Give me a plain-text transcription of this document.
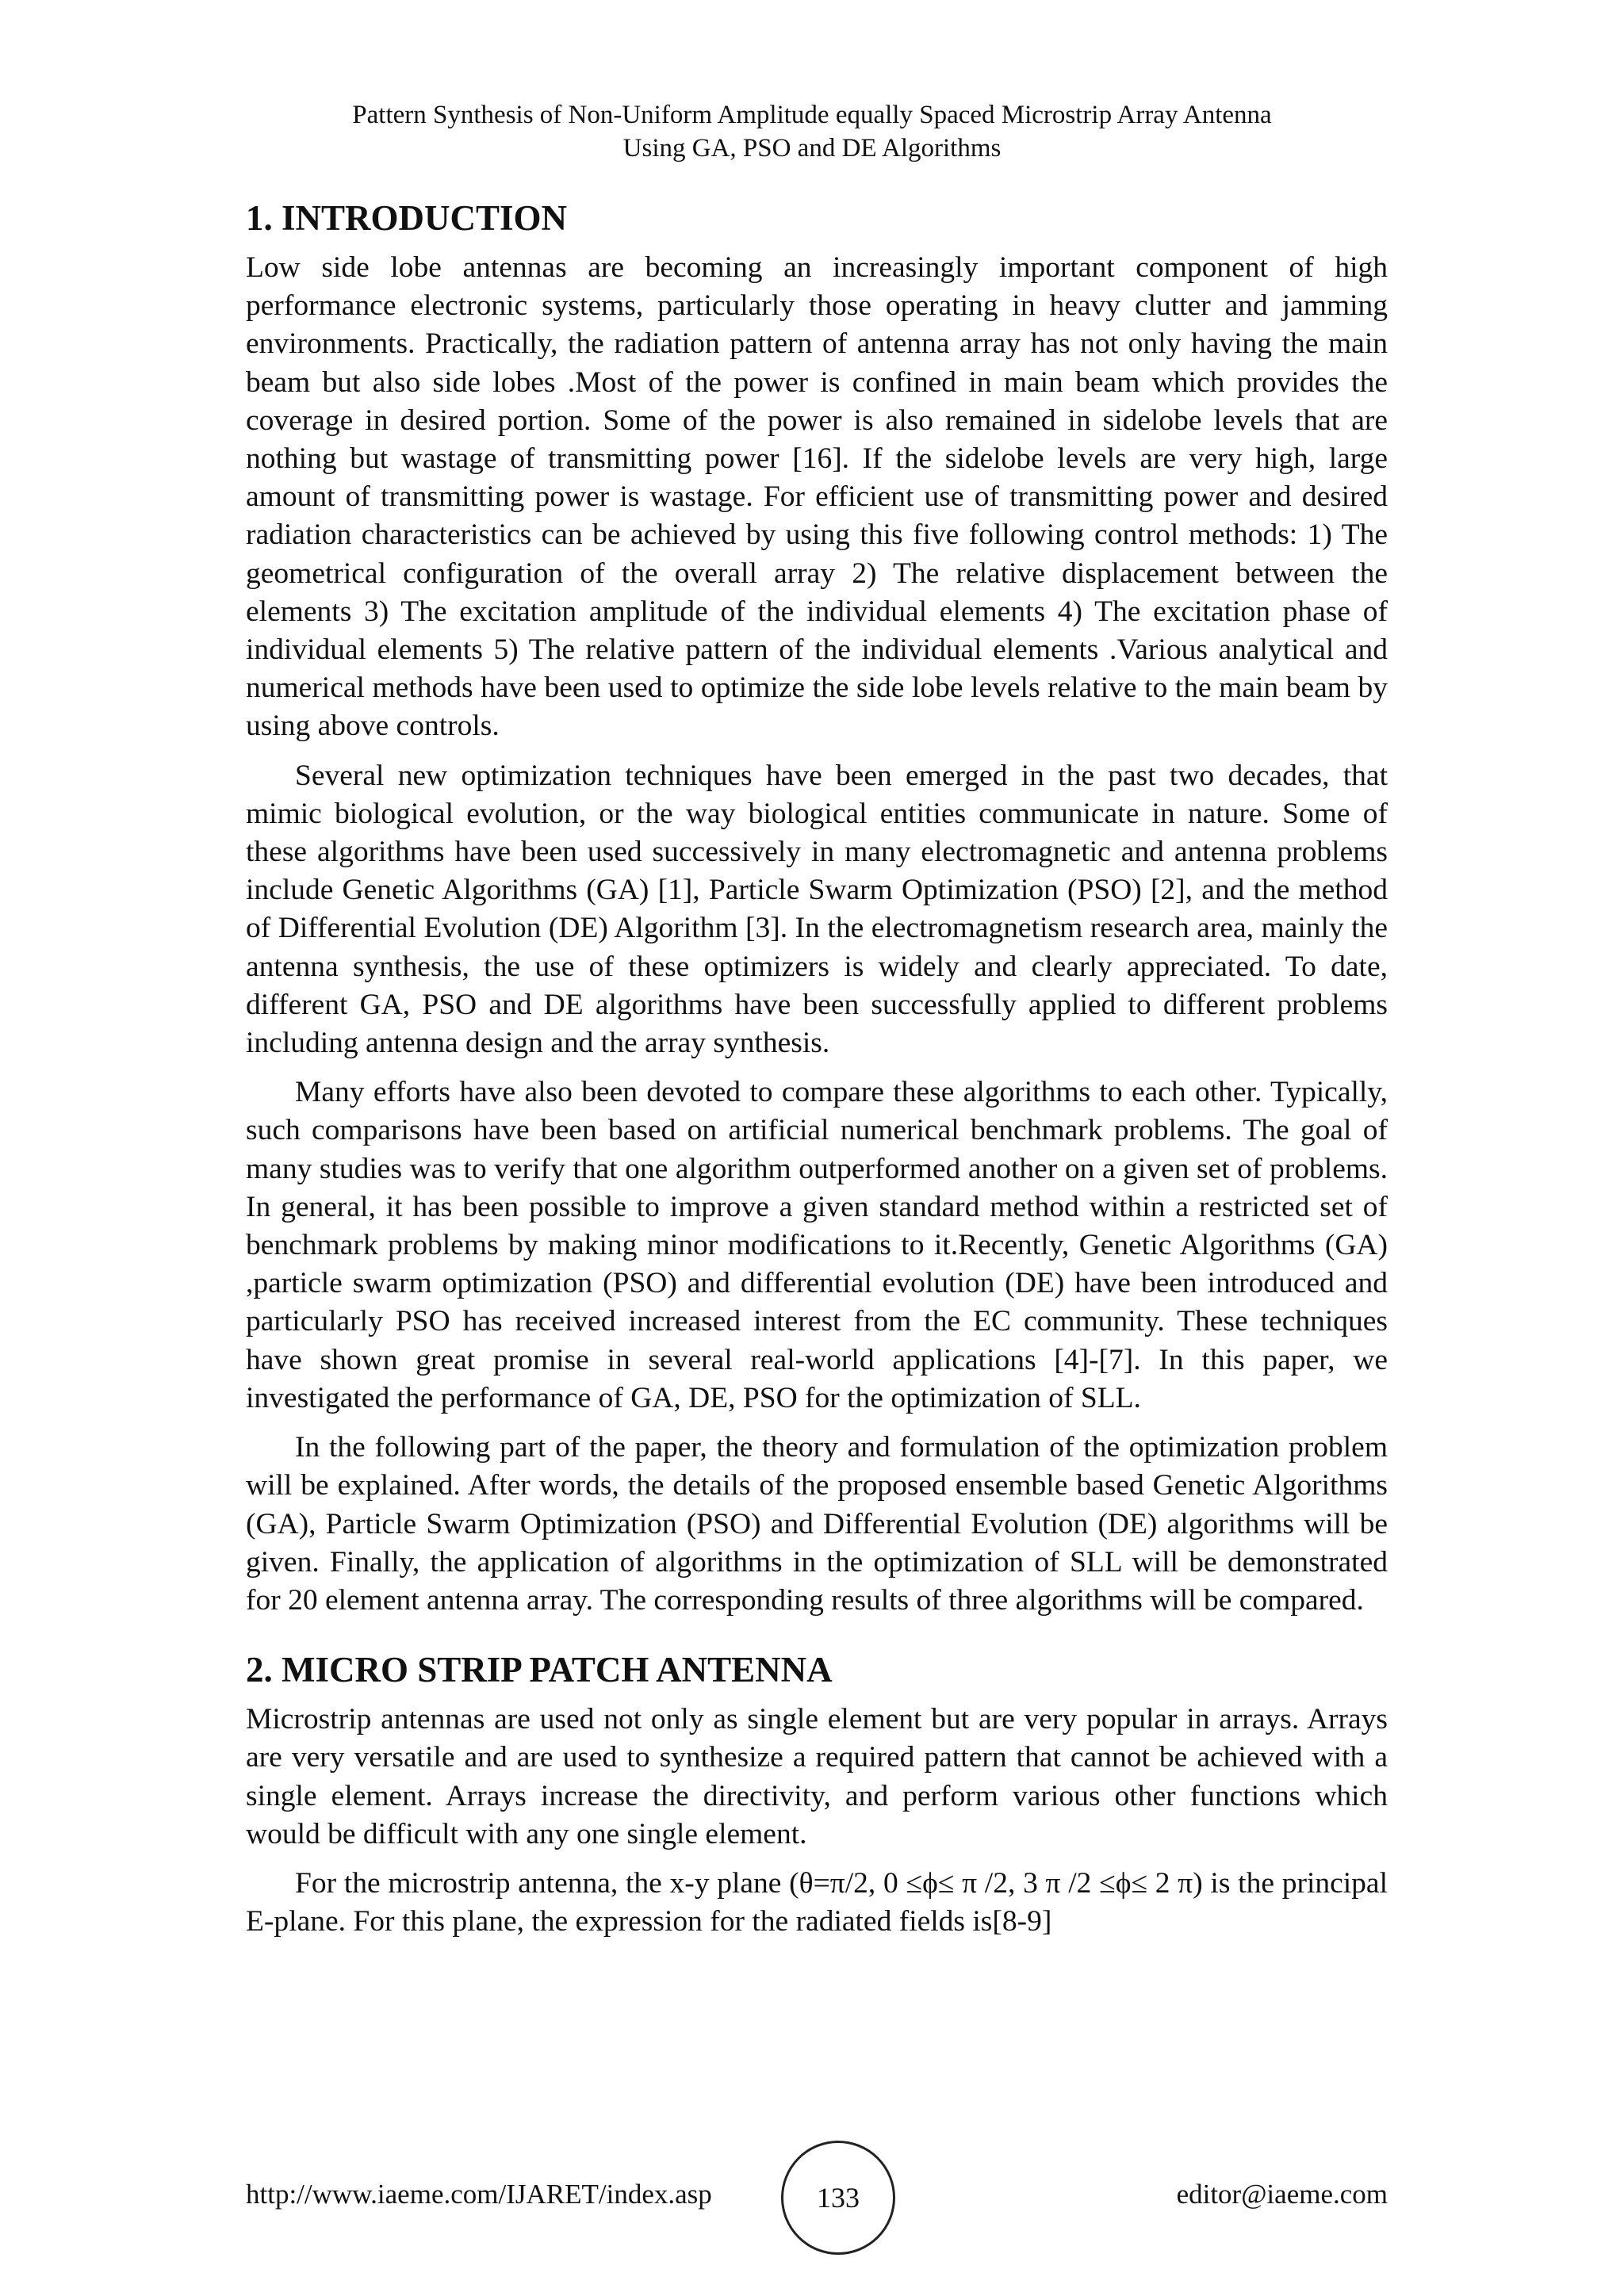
Pattern Synthesis of Non-Uniform Amplitude equally Spaced Microstrip Array Antenna
Using GA, PSO and DE Algorithms
1. INTRODUCTION

Low side lobe antennas are becoming an increasingly important component of high performance electronic systems, particularly those operating in heavy clutter and jamming environments. Practically, the radiation pattern of antenna array has not only having the main beam but also side lobes .Most of the power is confined in main beam which provides the coverage in desired portion. Some of the power is also remained in sidelobe levels that are nothing but wastage of transmitting power [16]. If the sidelobe levels are very high, large amount of transmitting power is wastage. For efficient use of transmitting power and desired radiation characteristics can be achieved by using this five following control methods: 1) The geometrical configuration of the overall array 2) The relative displacement between the elements 3) The excitation amplitude of the individual elements 4) The excitation phase of individual elements 5) The relative pattern of the individual elements .Various analytical and numerical methods have been used to optimize the side lobe levels relative to the main beam by using above controls.

Several new optimization techniques have been emerged in the past two decades, that mimic biological evolution, or the way biological entities communicate in nature. Some of these algorithms have been used successively in many electromagnetic and antenna problems include Genetic Algorithms (GA) [1], Particle Swarm Optimization (PSO) [2], and the method of Differential Evolution (DE) Algorithm [3]. In the electromagnetism research area, mainly the antenna synthesis, the use of these optimizers is widely and clearly appreciated. To date, different GA, PSO and DE algorithms have been successfully applied to different problems including antenna design and the array synthesis.

Many efforts have also been devoted to compare these algorithms to each other. Typically, such comparisons have been based on artificial numerical benchmark problems. The goal of many studies was to verify that one algorithm outperformed another on a given set of problems. In general, it has been possible to improve a given standard method within a restricted set of benchmark problems by making minor modifications to it.Recently, Genetic Algorithms (GA) ,particle swarm optimization (PSO) and differential evolution (DE) have been introduced and particularly PSO has received increased interest from the EC community. These techniques have shown great promise in several real-world applications [4]-[7]. In this paper, we investigated the performance of GA, DE, PSO for the optimization of SLL.

In the following part of the paper, the theory and formulation of the optimization problem will be explained. After words, the details of the proposed ensemble based Genetic Algorithms (GA), Particle Swarm Optimization (PSO) and Differential Evolution (DE) algorithms will be given. Finally, the application of algorithms in the optimization of SLL will be demonstrated for 20 element antenna array. The corresponding results of three algorithms will be compared.

2. MICRO STRIP PATCH ANTENNA

Microstrip antennas are used not only as single element but are very popular in arrays. Arrays are very versatile and are used to synthesize a required pattern that cannot be achieved with a single element. Arrays increase the directivity, and perform various other functions which would be difficult with any one single element.

For the microstrip antenna, the x-y plane (θ=π/2, 0 ≤ϕ≤ π /2, 3 π /2 ≤ϕ≤ 2 π) is the principal E-plane. For this plane, the expression for the radiated fields is[8-9]

http://www.iaeme.com/IJARET/index.asp	133	editor@iaeme.com
